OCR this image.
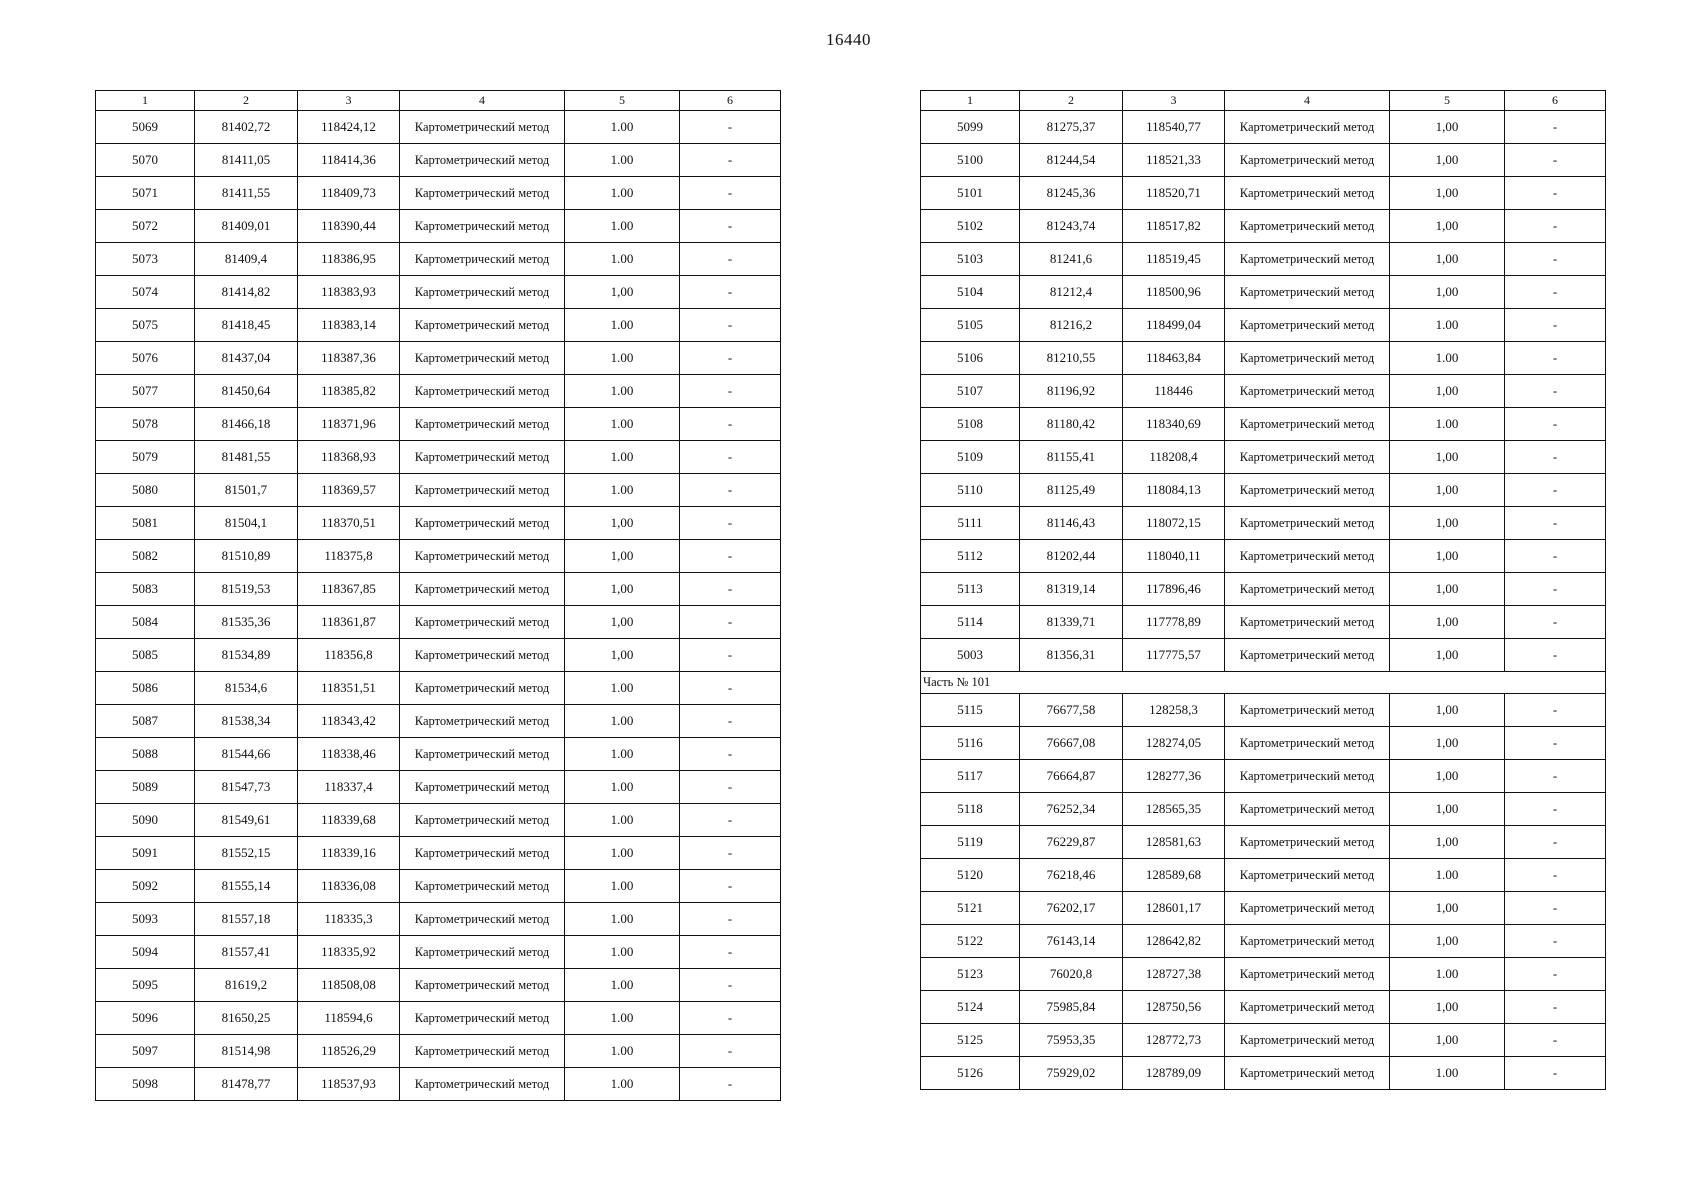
16440
1	2	3	4	5	6
5069	81402,72	118424,12	Картометрический метод	1.00	-
5070	81411,05	118414,36	Картометрический метод	1.00	-
5071	81411,55	118409,73	Картометрический метод	1.00	-
5072	81409,01	118390,44	Картометрический метод	1.00	-
5073	81409,4	118386,95	Картометрический метод	1.00	-
5074	81414,82	118383,93	Картометрический метод	1,00	-
5075	81418,45	118383,14	Картометрический метод	1.00	-
5076	81437,04	118387,36	Картометрический метод	1.00	-
5077	81450,64	118385,82	Картометрический метод	1.00	-
5078	81466,18	118371,96	Картометрический метод	1.00	-
5079	81481,55	118368,93	Картометрический метод	1.00	-
5080	81501,7	118369,57	Картометрический метод	1.00	-
5081	81504,1	118370,51	Картометрический метод	1,00	-
5082	81510,89	118375,8	Картометрический метод	1,00	-
5083	81519,53	118367,85	Картометрический метод	1,00	-
5084	81535,36	118361,87	Картометрический метод	1,00	-
5085	81534,89	118356,8	Картометрический метод	1,00	-
5086	81534,6	118351,51	Картометрический метод	1.00	-
5087	81538,34	118343,42	Картометрический метод	1.00	-
5088	81544,66	118338,46	Картометрический метод	1.00	-
5089	81547,73	118337,4	Картометрический метод	1.00	-
5090	81549,61	118339,68	Картометрический метод	1.00	-
5091	81552,15	118339,16	Картометрический метод	1.00	-
5092	81555,14	118336,08	Картометрический метод	1.00	-
5093	81557,18	118335,3	Картометрический метод	1.00	-
5094	81557,41	118335,92	Картометрический метод	1.00	-
5095	81619,2	118508,08	Картометрический метод	1.00	-
5096	81650,25	118594,6	Картометрический метод	1.00	-
5097	81514,98	118526,29	Картометрический метод	1.00	-
5098	81478,77	118537,93	Картометрический метод	1.00	-
1	2	3	4	5	6
5099	81275,37	118540,77	Картометрический метод	1,00	-
5100	81244,54	118521,33	Картометрический метод	1,00	-
5101	81245,36	118520,71	Картометрический метод	1,00	-
5102	81243,74	118517,82	Картометрический метод	1,00	-
5103	81241,6	118519,45	Картометрический метод	1,00	-
5104	81212,4	118500,96	Картометрический метод	1,00	-
5105	81216,2	118499,04	Картометрический метод	1.00	-
5106	81210,55	118463,84	Картометрический метод	1.00	-
5107	81196,92	118446	Картометрический метод	1,00	-
5108	81180,42	118340,69	Картометрический метод	1.00	-
5109	81155,41	118208,4	Картометрический метод	1,00	-
5110	81125,49	118084,13	Картометрический метод	1,00	-
5111	81146,43	118072,15	Картометрический метод	1,00	-
5112	81202,44	118040,11	Картометрический метод	1,00	-
5113	81319,14	117896,46	Картометрический метод	1,00	-
5114	81339,71	117778,89	Картометрический метод	1,00	-
5003	81356,31	117775,57	Картометрический метод	1,00	-
Часть № 101					
5115	76677,58	128258,3	Картометрический метод	1,00	-
5116	76667,08	128274,05	Картометрический метод	1,00	-
5117	76664,87	128277,36	Картометрический метод	1,00	-
5118	76252,34	128565,35	Картометрический метод	1,00	-
5119	76229,87	128581,63	Картометрический метод	1,00	-
5120	76218,46	128589,68	Картометрический метод	1.00	-
5121	76202,17	128601,17	Картометрический метод	1,00	-
5122	76143,14	128642,82	Картометрический метод	1,00	-
5123	76020,8	128727,38	Картометрический метод	1.00	-
5124	75985,84	128750,56	Картометрический метод	1,00	-
5125	75953,35	128772,73	Картометрический метод	1,00	-
5126	75929,02	128789,09	Картометрический метод	1.00	-
